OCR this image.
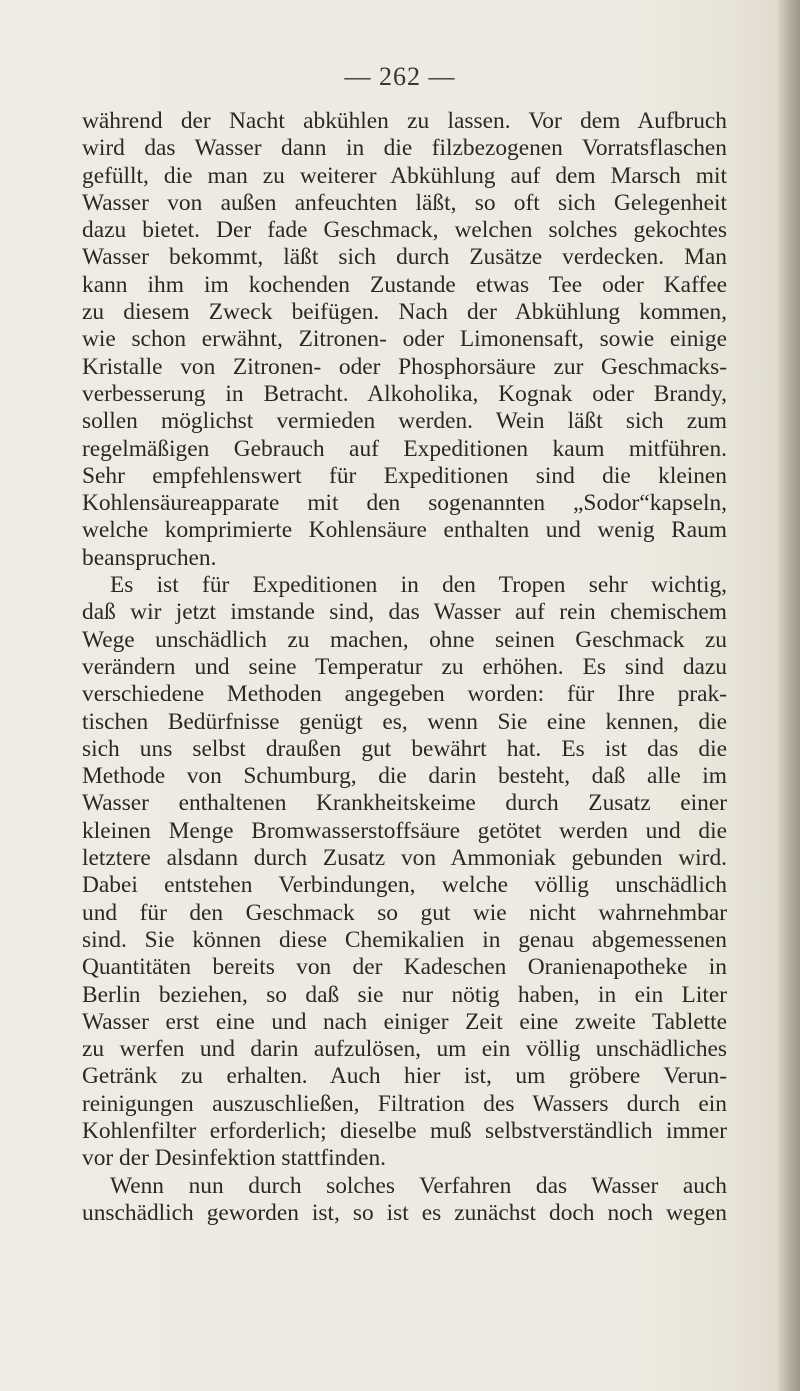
— 262 —
während der Nacht abkühlen zu lassen. Vor dem Aufbruch
wird das Wasser dann in die filzbezogenen Vorratsflaschen
gefüllt, die man zu weiterer Abkühlung auf dem Marsch mit
Wasser von außen anfeuchten läßt, so oft sich Gelegenheit
dazu bietet. Der fade Geschmack, welchen solches gekochtes
Wasser bekommt, läßt sich durch Zusätze verdecken. Man
kann ihm im kochenden Zustande etwas Tee oder Kaffee
zu diesem Zweck beifügen. Nach der Abkühlung kommen,
wie schon erwähnt, Zitronen- oder Limonensaft, sowie einige
Kristalle von Zitronen- oder Phosphorsäure zur Geschmacks-
verbesserung in Betracht. Alkoholika, Kognak oder Brandy,
sollen möglichst vermieden werden. Wein läßt sich zum
regelmäßigen Gebrauch auf Expeditionen kaum mitführen.
Sehr empfehlenswert für Expeditionen sind die kleinen
Kohlensäureapparate mit den sogenannten „Sodor“kapseln,
welche komprimierte Kohlensäure enthalten und wenig Raum
beanspruchen.
Es ist für Expeditionen in den Tropen sehr wichtig,
daß wir jetzt imstande sind, das Wasser auf rein chemischem
Wege unschädlich zu machen, ohne seinen Geschmack zu
verändern und seine Temperatur zu erhöhen. Es sind dazu
verschiedene Methoden angegeben worden: für Ihre prak-
tischen Bedürfnisse genügt es, wenn Sie eine kennen, die
sich uns selbst draußen gut bewährt hat. Es ist das die
Methode von Schumburg, die darin besteht, daß alle im
Wasser enthaltenen Krankheitskeime durch Zusatz einer
kleinen Menge Bromwasserstoffsäure getötet werden und die
letztere alsdann durch Zusatz von Ammoniak gebunden wird.
Dabei entstehen Verbindungen, welche völlig unschädlich
und für den Geschmack so gut wie nicht wahrnehmbar
sind. Sie können diese Chemikalien in genau abgemessenen
Quantitäten bereits von der Kadeschen Oranienapotheke in
Berlin beziehen, so daß sie nur nötig haben, in ein Liter
Wasser erst eine und nach einiger Zeit eine zweite Tablette
zu werfen und darin aufzulösen, um ein völlig unschädliches
Getränk zu erhalten. Auch hier ist, um gröbere Verun-
reinigungen auszuschließen, Filtration des Wassers durch ein
Kohlenfilter erforderlich; dieselbe muß selbstverständlich immer
vor der Desinfektion stattfinden.
Wenn nun durch solches Verfahren das Wasser auch
unschädlich geworden ist, so ist es zunächst doch noch wegen
